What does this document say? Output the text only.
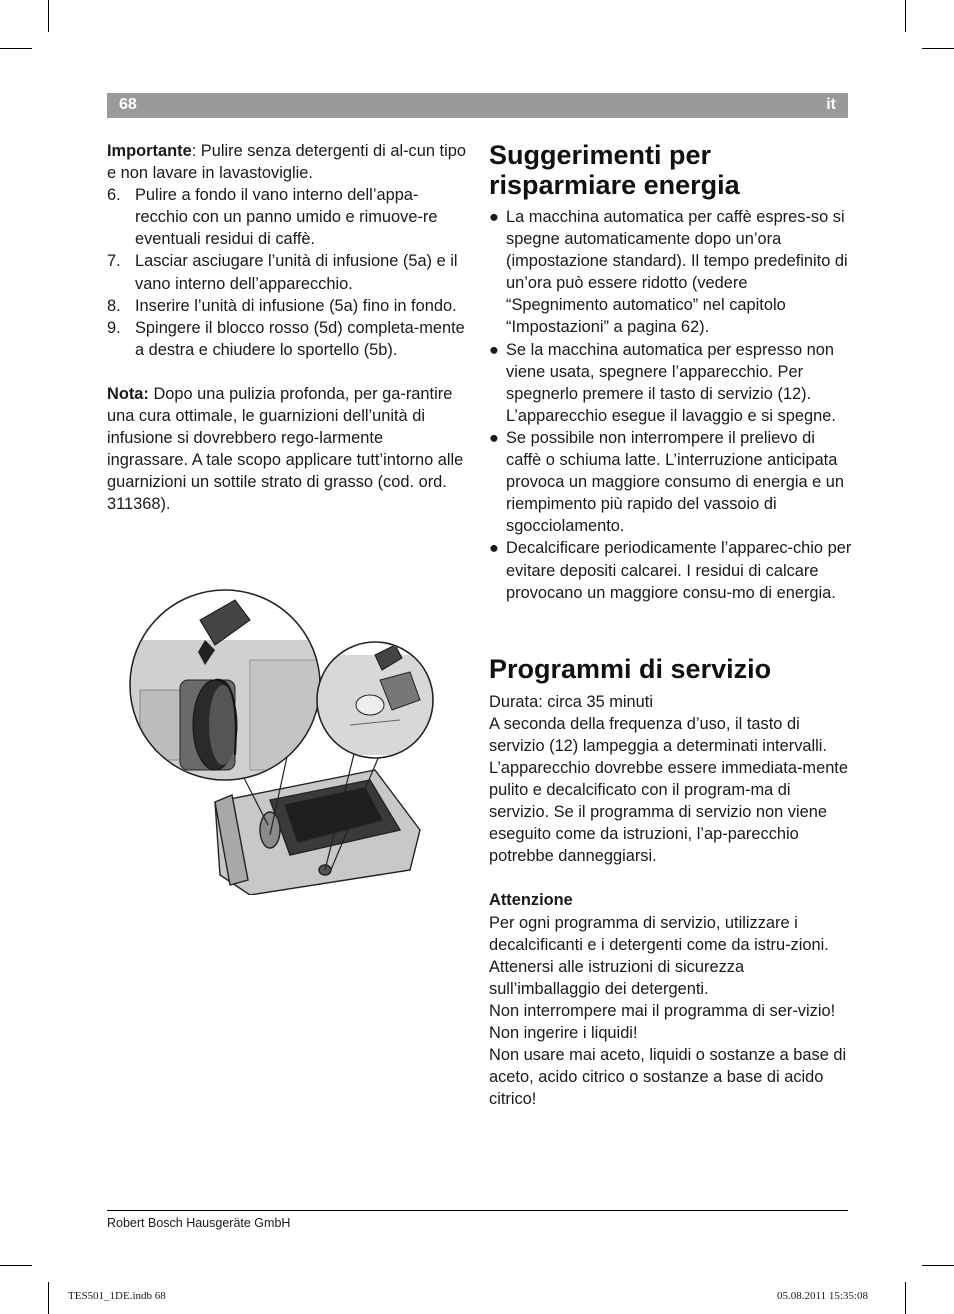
68	it

Importante: Pulire senza detergenti di al-cun tipo e non lavare in lavastoviglie.

6. Pulire a fondo il vano interno dell’appa-recchio con un panno umido e rimuove-re eventuali residui di caffè.
7. Lasciar asciugare l’unità di infusione (5a) e il vano interno dell’apparecchio.
8. Inserire l’unità di infusione (5a) fino in fondo.
9. Spingere il blocco rosso (5d) completa-mente a destra e chiudere lo sportello (5b).

Nota: Dopo una pulizia profonda, per ga-rantire una cura ottimale, le guarnizioni dell’unità di infusione si dovrebbero rego-larmente ingrassare. A tale scopo applicare tutt’intorno alle guarnizioni un sottile strato di grasso (cod. ord. 311368).

Suggerimenti per risparmiare energia
● La macchina automatica per caffè espres-so si spegne automaticamente dopo un’ora (impostazione standard). Il tempo predefinito di un’ora può essere ridotto (vedere “Spegnimento automatico” nel capitolo “Impostazioni” a pagina 62).
● Se la macchina automatica per espresso non viene usata, spegnere l’apparecchio. Per spegnerlo premere il tasto di servizio (12). L’apparecchio esegue il lavaggio e si spegne.
● Se possibile non interrompere il prelievo di caffè o schiuma latte. L’interruzione anticipata provoca un maggiore consumo di energia e un riempimento più rapido del vassoio di sgocciolamento.
● Decalcificare periodicamente l’apparec-chio per evitare depositi calcarei. I residui di calcare provocano un maggiore consu-mo di energia.
Programmi di servizio

Durata: circa 35 minuti

A seconda della frequenza d’uso, il tasto di servizio (12) lampeggia a determinati intervalli.

L’apparecchio dovrebbe essere immediata-mente pulito e decalcificato con il program-ma di servizio. Se il programma di servizio non viene eseguito come da istruzioni, l’ap-parecchio potrebbe danneggiarsi.

Attenzione

Per ogni programma di servizio, utilizzare i decalcificanti e i detergenti come da istru-zioni. Attenersi alle istruzioni di sicurezza sull’imballaggio dei detergenti.

Non interrompere mai il programma di ser-vizio! Non ingerire i liquidi!

Non usare mai aceto, liquidi o sostanze a base di aceto, acido citrico o sostanze a base di acido citrico!

Robert Bosch Hausgeräte GmbH
TES501_1DE.indb 68	05.08.2011 15:35:08
